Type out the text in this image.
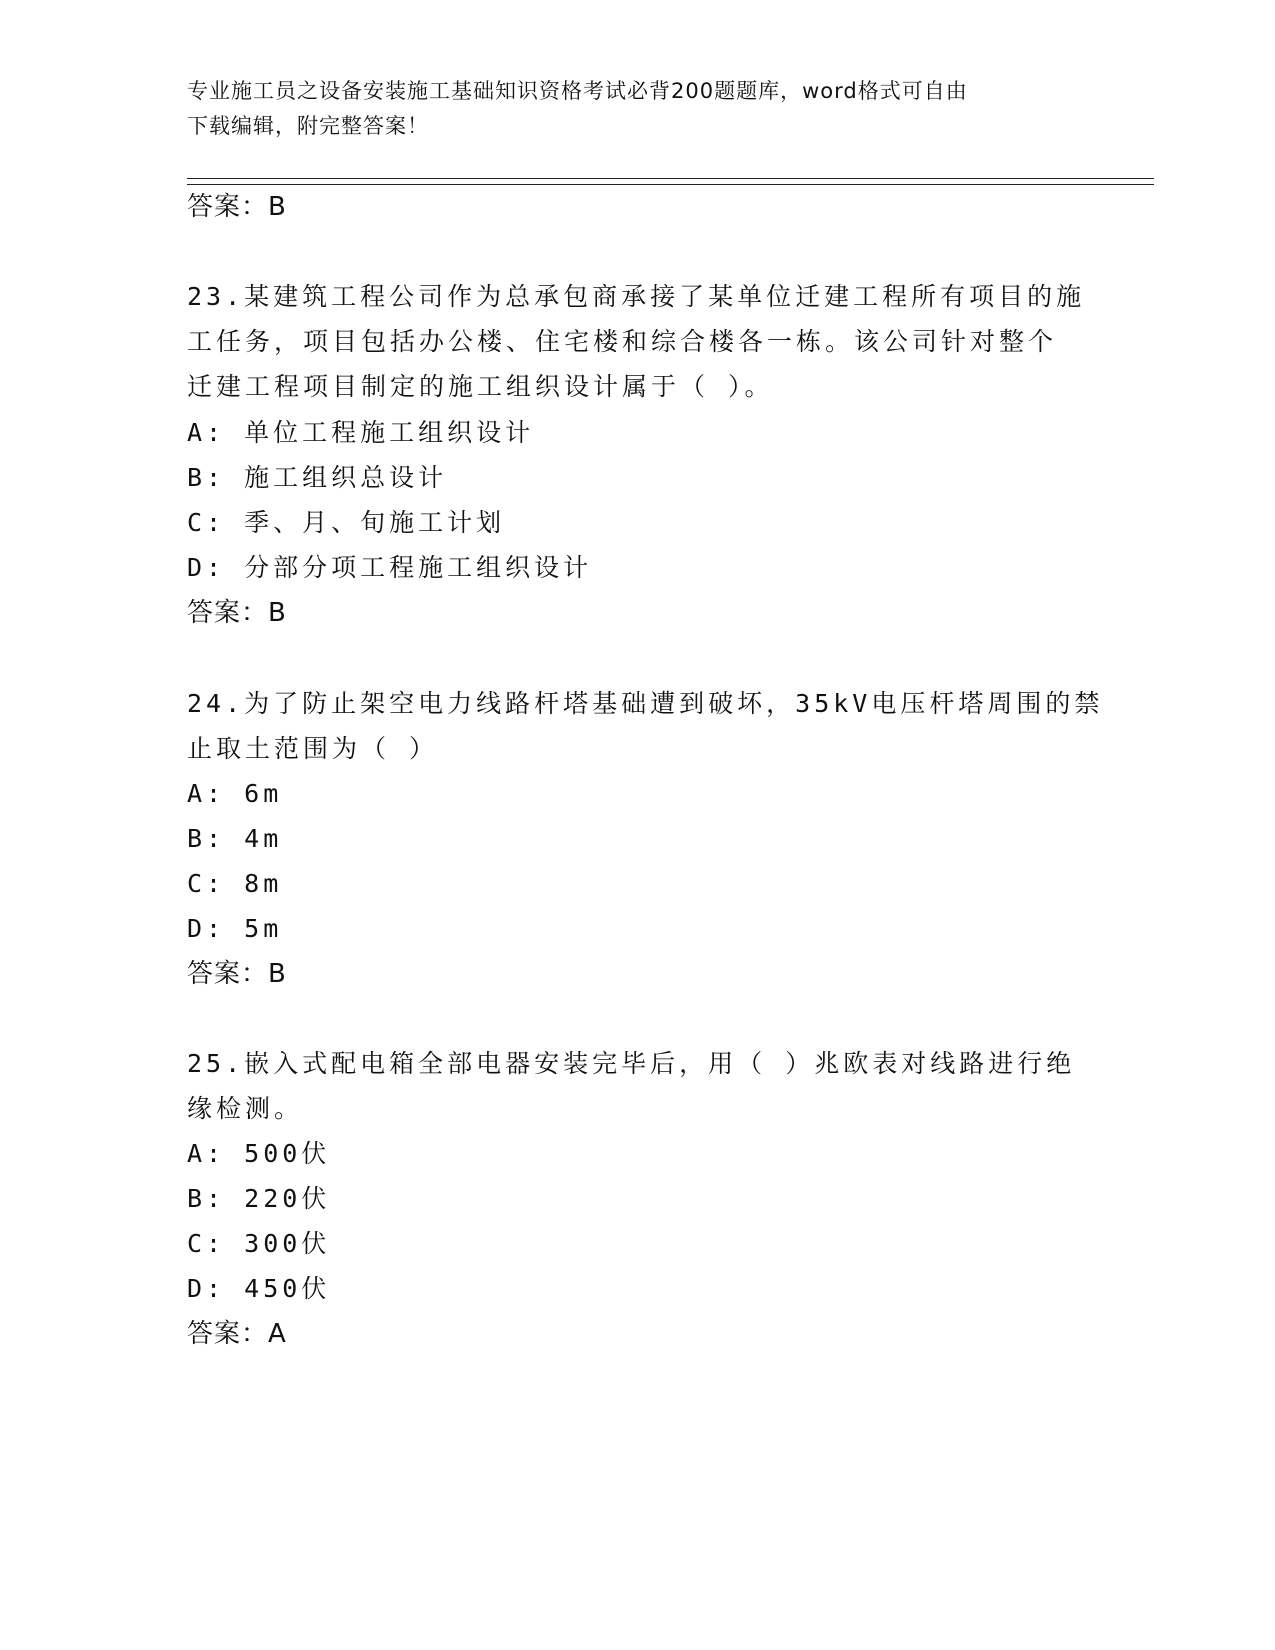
专业施工员之设备安装施工基础知识资格考试必背200题题库，word格式可自由
下载编辑，附完整答案！
答案：B
23.某建筑工程公司作为总承包商承接了某单位迁建工程所有项目的施
工任务，项目包括办公楼、住宅楼和综合楼各一栋。该公司针对整个
迁建工程项目制定的施工组织设计属于（ ）。
A: 单位工程施工组织设计
B: 施工组织总设计
C: 季、月、旬施工计划
D: 分部分项工程施工组织设计
答案：B
24.为了防止架空电力线路杆塔基础遭到破坏，35kV电压杆塔周围的禁
止取土范围为（ ）
A: 6m
B: 4m
C: 8m
D: 5m
答案：B
25.嵌入式配电箱全部电器安装完毕后，用（ ）兆欧表对线路进行绝
缘检测。
A: 500伏
B: 220伏
C: 300伏
D: 450伏
答案：A
